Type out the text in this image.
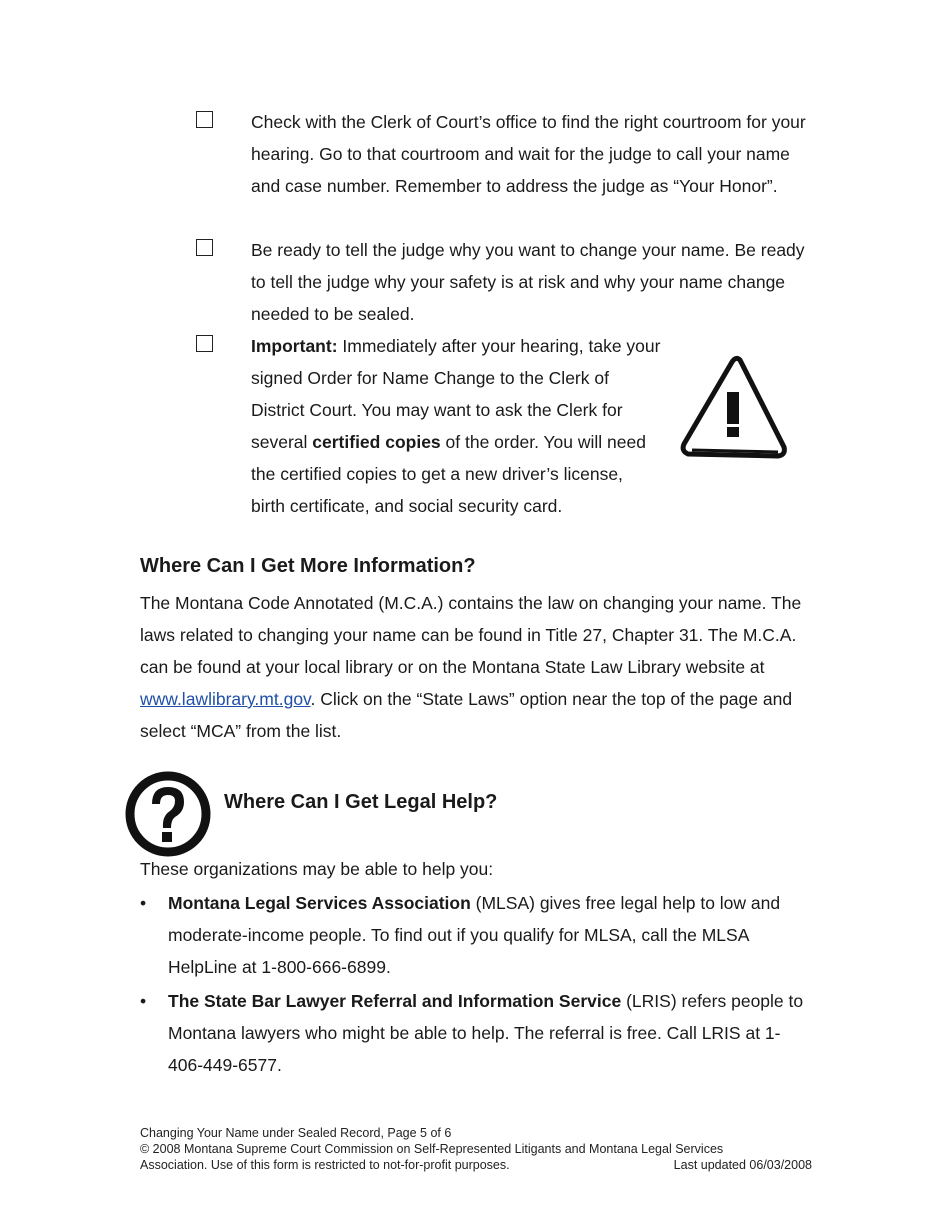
Check with the Clerk of Court’s office to find the right courtroom for your hearing. Go to that courtroom and wait for the judge to call your name and case number. Remember to address the judge as “Your Honor”.
Be ready to tell the judge why you want to change your name. Be ready to tell the judge why your safety is at risk and why your name change needed to be sealed.
Important: Immediately after your hearing, take your signed Order for Name Change to the Clerk of District Court. You may want to ask the Clerk for several certified copies of the order. You will need the certified copies to get a new driver’s license, birth certificate, and social security card.
Where Can I Get More Information?
The Montana Code Annotated (M.C.A.) contains the law on changing your name. The laws related to changing your name can be found in Title 27, Chapter 31. The M.C.A. can be found at your local library or on the Montana State Law Library website at www.lawlibrary.mt.gov. Click on the “State Laws” option near the top of the page and select “MCA” from the list.
Where Can I Get Legal Help?
These organizations may be able to help you:
• Montana Legal Services Association (MLSA) gives free legal help to low and moderate-income people. To find out if you qualify for MLSA, call the MLSA HelpLine at 1-800-666-6899.
• The State Bar Lawyer Referral and Information Service (LRIS) refers people to Montana lawyers who might be able to help. The referral is free. Call LRIS at 1-406-449-6577.
Changing Your Name under Sealed Record, Page 5 of 6
© 2008 Montana Supreme Court Commission on Self-Represented Litigants and Montana Legal Services
Association. Use of this form is restricted to not-for-profit purposes.	Last updated 06/03/2008
